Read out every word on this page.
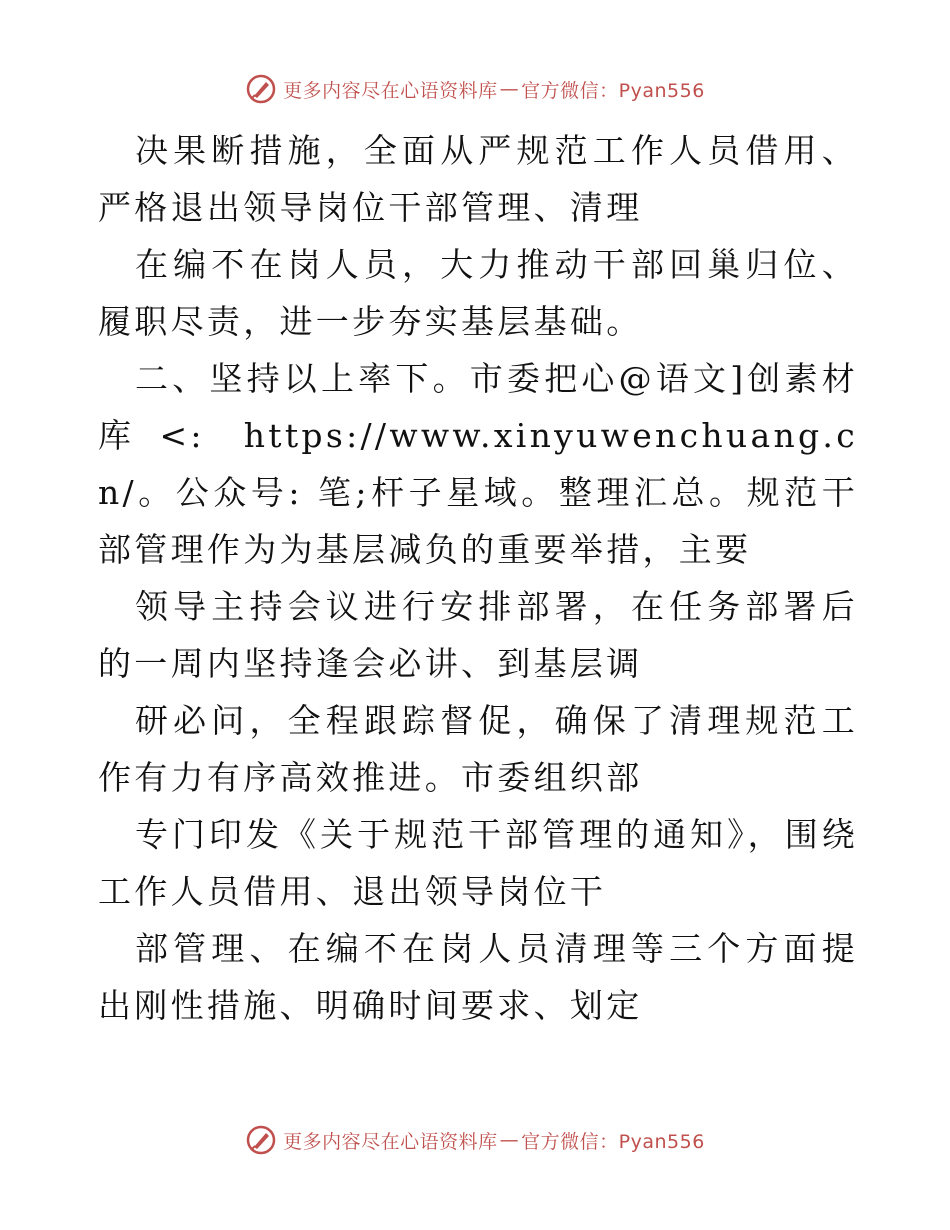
更多内容尽在心语资料库 — 官方微信：Pyan556

决果断措施，全面从严规范工作人员借用、严格退出领导岗位干部管理、清理

在编不在岗人员，大力推动干部回巢归位、履职尽责，进一步夯实基层基础。

二、坚持以上率下。市委把心@语文]创素材库<: https://www.xinyuwenchuang.cn/。公众号: 笔;杆子星域。整理汇总。规范干部管理作为为基层减负的重要举措，主要

领导主持会议进行安排部署，在任务部署后的一周内坚持逢会必讲、到基层调

研必问，全程跟踪督促，确保了清理规范工作有力有序高效推进。市委组织部

专门印发《关于规范干部管理的通知》，围绕工作人员借用、退出领导岗位干

部管理、在编不在岗人员清理等三个方面提出刚性措施、明确时间要求、划定

更多内容尽在心语资料库 — 官方微信：Pyan556
